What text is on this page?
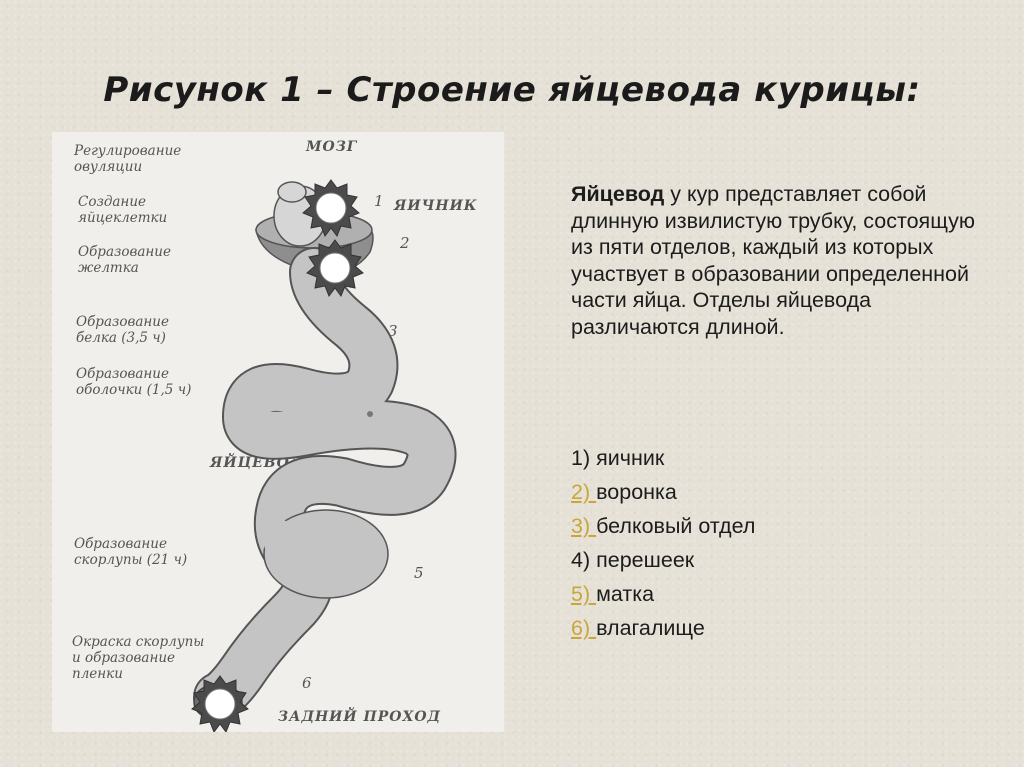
Рисунок 1 – Строение яйцевода курицы:
Регулирование овуляции
Создание яйцеклетки
Образование желтка
Образование белка (3,5 ч)
Образование оболочки (1,5 ч)
Образование скорлупы (21 ч)
Окраска скорлупы и образование пленки
МОЗГ
ЯИЧНИК
ЯЙЦЕВОД
ЗАДНИЙ ПРОХОД
1
2
3
4
5
6

Яйцевод у кур представляет собой длинную извилистую трубку, состоящую из пяти отделов, каждый из которых участвует в образовании определенной части яйца. Отделы яйцевода различаются длиной.

1) яичник
2) воронка
3) белковый отдел
4) перешеек
5) матка
6) влагалище
